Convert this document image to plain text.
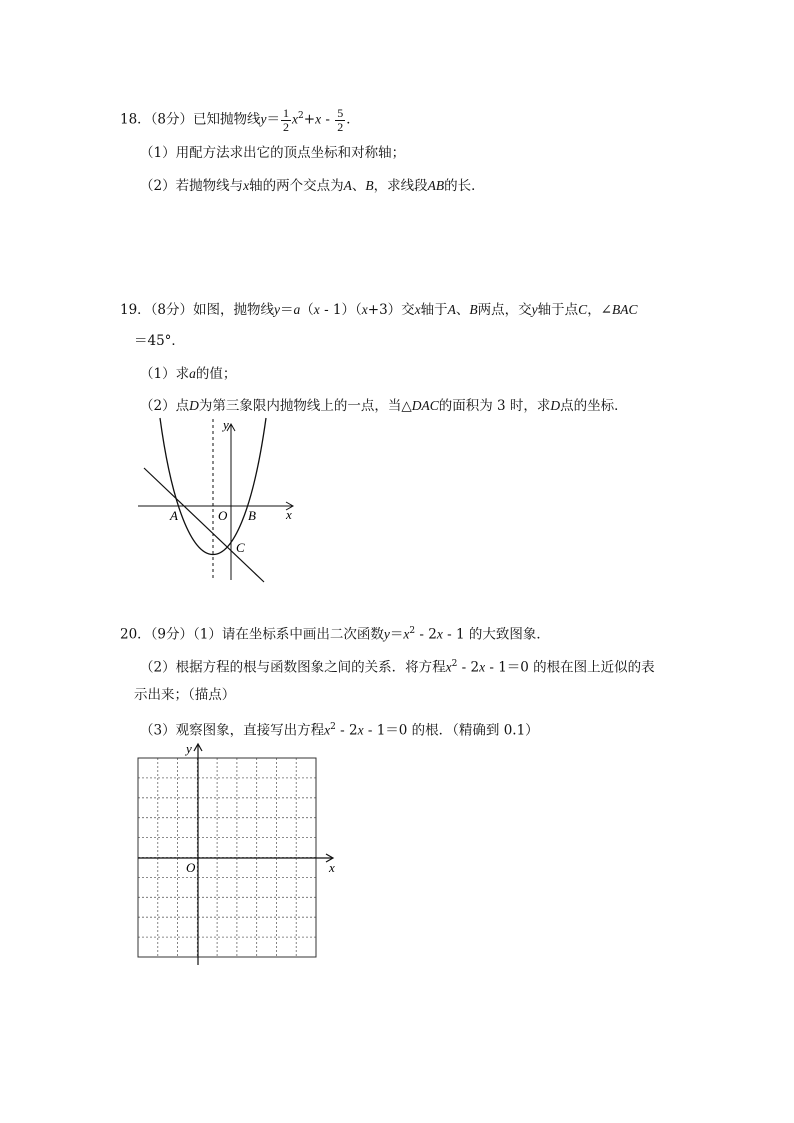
18．（8分）已知抛物线$y= \frac{1}{2} x^2+x - \frac{5}{2}$ ．
（1）用配方法求出它的顶点坐标和对称轴；
（2）若抛物线与x轴的两个交点为A、B，求线段AB的长．
19．（8分）如图，抛物线y＝a（x - 1）（x+3）交x轴于A、B两点，交y轴于点C，∠BAC
＝45°．
（1）求a的值；
（2）点D为第三象限内抛物线上的一点，当△DAC的面积为 3 时，求D点的坐标．
y
x
A	O B
C
20．（9分）（1）请在坐标系中画出二次函数$y=x^2 - 2x - 1$ 的大致图象．
（2）根据方程的根与函数图象之间的关系．将方程$x^2 - 2x - 1=0$ 的根在图上近似的表
示出来；（描点）
（3）观察图象，直接写出方程$x^2 - 2x - 1=0$ 的根．（精确到 0.1）
y
x
O
